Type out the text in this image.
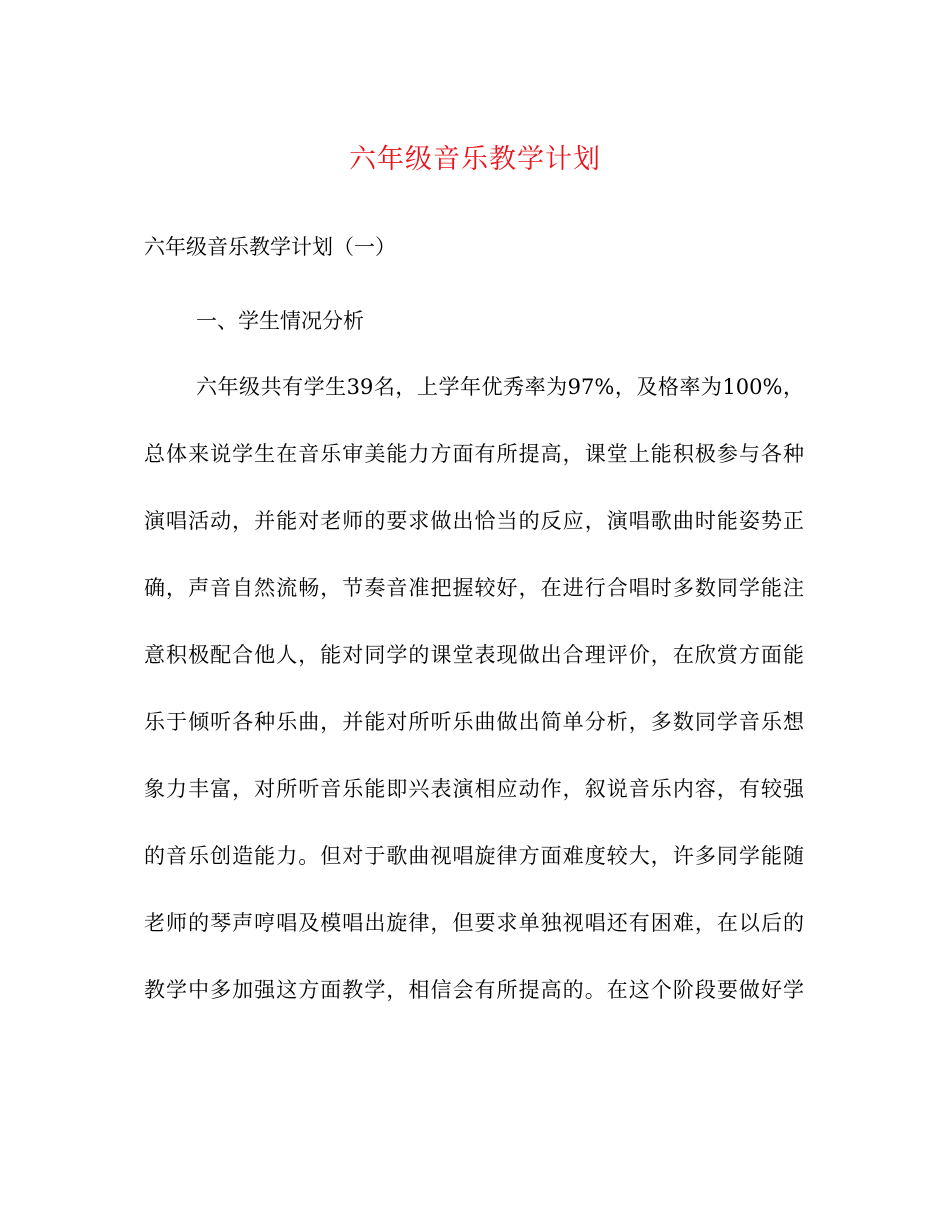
六年级音乐教学计划

六年级音乐教学计划（一）

一、学生情况分析

六年级共有学生39名，上学年优秀率为97%，及格率为100%，
总体来说学生在音乐审美能力方面有所提高，课堂上能积极参与各种
演唱活动，并能对老师的要求做出恰当的反应，演唱歌曲时能姿势正
确，声音自然流畅，节奏音准把握较好，在进行合唱时多数同学能注
意积极配合他人，能对同学的课堂表现做出合理评价，在欣赏方面能
乐于倾听各种乐曲，并能对所听乐曲做出简单分析，多数同学音乐想
象力丰富，对所听音乐能即兴表演相应动作，叙说音乐内容，有较强
的音乐创造能力。但对于歌曲视唱旋律方面难度较大，许多同学能随
老师的琴声哼唱及模唱出旋律，但要求单独视唱还有困难，在以后的
教学中多加强这方面教学，相信会有所提高的。在这个阶段要做好学
